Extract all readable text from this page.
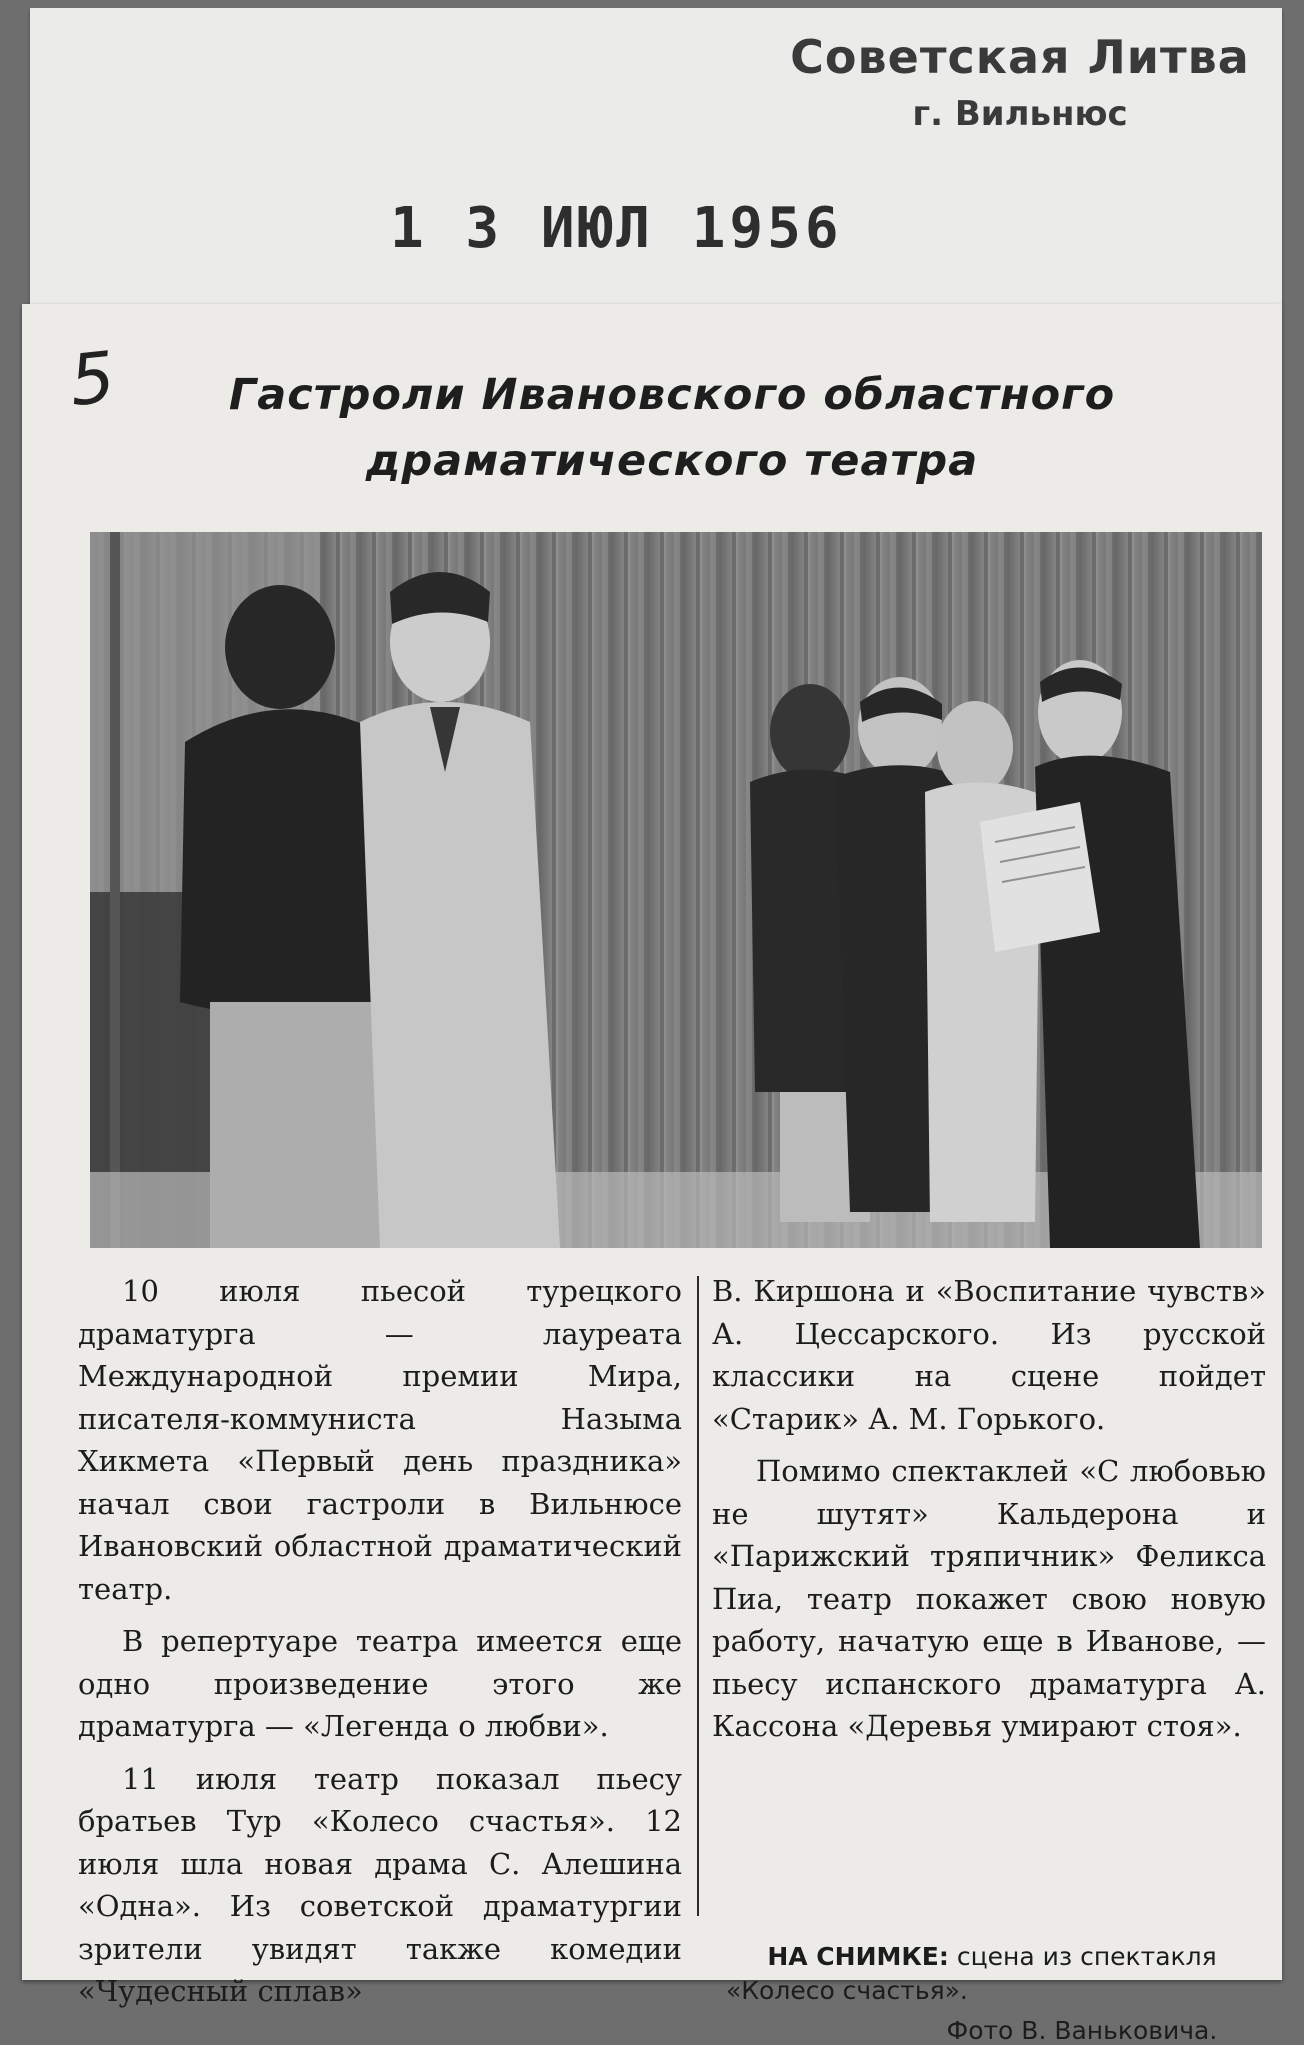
Советская Литва
г. Вильнюс
1 3 ИЮЛ 1956
5	Гастроли Ивановского областного
драматического театра

10 июля пьесой турецкого драматурга — лауреата Международной премии Мира, писателя-коммуниста Назыма Хикмета «Первый день праздника» начал свои гастроли в Вильнюсе Ивановский областной драматический театр.

В репертуаре театра имеется еще одно произведение этого же драматурга — «Легенда о любви».

11 июля театр показал пьесу братьев Тур «Колесо счастья». 12 июля шла новая драма С. Алешина «Одна». Из советской драматургии зрители увидят также комедии «Чудесный сплав»

В. Киршона и «Воспитание чувств» А. Цессарского. Из русской классики на сцене пойдет «Старик» А. М. Горького.

Помимо спектаклей «С любовью не шутят» Кальдерона и «Парижский тряпичник» Феликса Пиа, театр покажет свою новую работу, начатую еще в Иванове, — пьесу испанского драматурга А. Кассона «Деревья умирают стоя».

НА СНИМКЕ: сцена из спектакля
«Колесо счастья».
Фото В. Ваньковича.
